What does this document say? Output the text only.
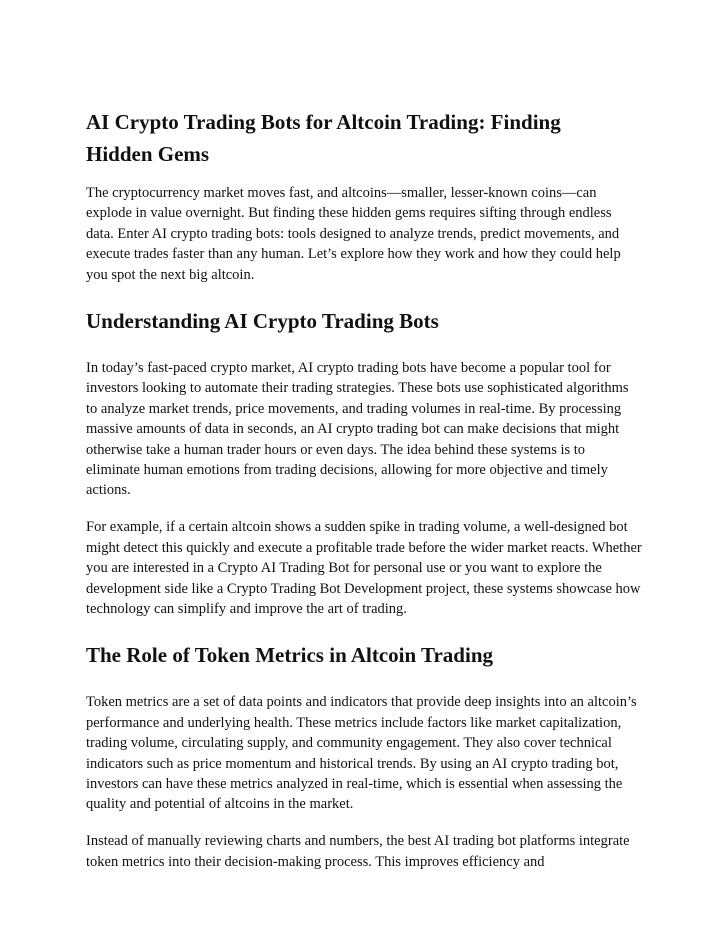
AI Crypto Trading Bots for Altcoin Trading: Finding Hidden Gems

The cryptocurrency market moves fast, and altcoins—smaller, lesser-known coins—can explode in value overnight. But finding these hidden gems requires sifting through endless data. Enter AI crypto trading bots: tools designed to analyze trends, predict movements, and execute trades faster than any human. Let’s explore how they work and how they could help you spot the next big altcoin.

Understanding AI Crypto Trading Bots

In today’s fast-paced crypto market, AI crypto trading bots have become a popular tool for investors looking to automate their trading strategies. These bots use sophisticated algorithms to analyze market trends, price movements, and trading volumes in real-time. By processing massive amounts of data in seconds, an AI crypto trading bot can make decisions that might otherwise take a human trader hours or even days. The idea behind these systems is to eliminate human emotions from trading decisions, allowing for more objective and timely actions.

For example, if a certain altcoin shows a sudden spike in trading volume, a well-designed bot might detect this quickly and execute a profitable trade before the wider market reacts. Whether you are interested in a Crypto AI Trading Bot for personal use or you want to explore the development side like a Crypto Trading Bot Development project, these systems showcase how technology can simplify and improve the art of trading.

The Role of Token Metrics in Altcoin Trading

Token metrics are a set of data points and indicators that provide deep insights into an altcoin’s performance and underlying health. These metrics include factors like market capitalization, trading volume, circulating supply, and community engagement. They also cover technical indicators such as price momentum and historical trends. By using an AI crypto trading bot, investors can have these metrics analyzed in real-time, which is essential when assessing the quality and potential of altcoins in the market.

Instead of manually reviewing charts and numbers, the best AI trading bot platforms integrate token metrics into their decision-making process. This improves efficiency and
